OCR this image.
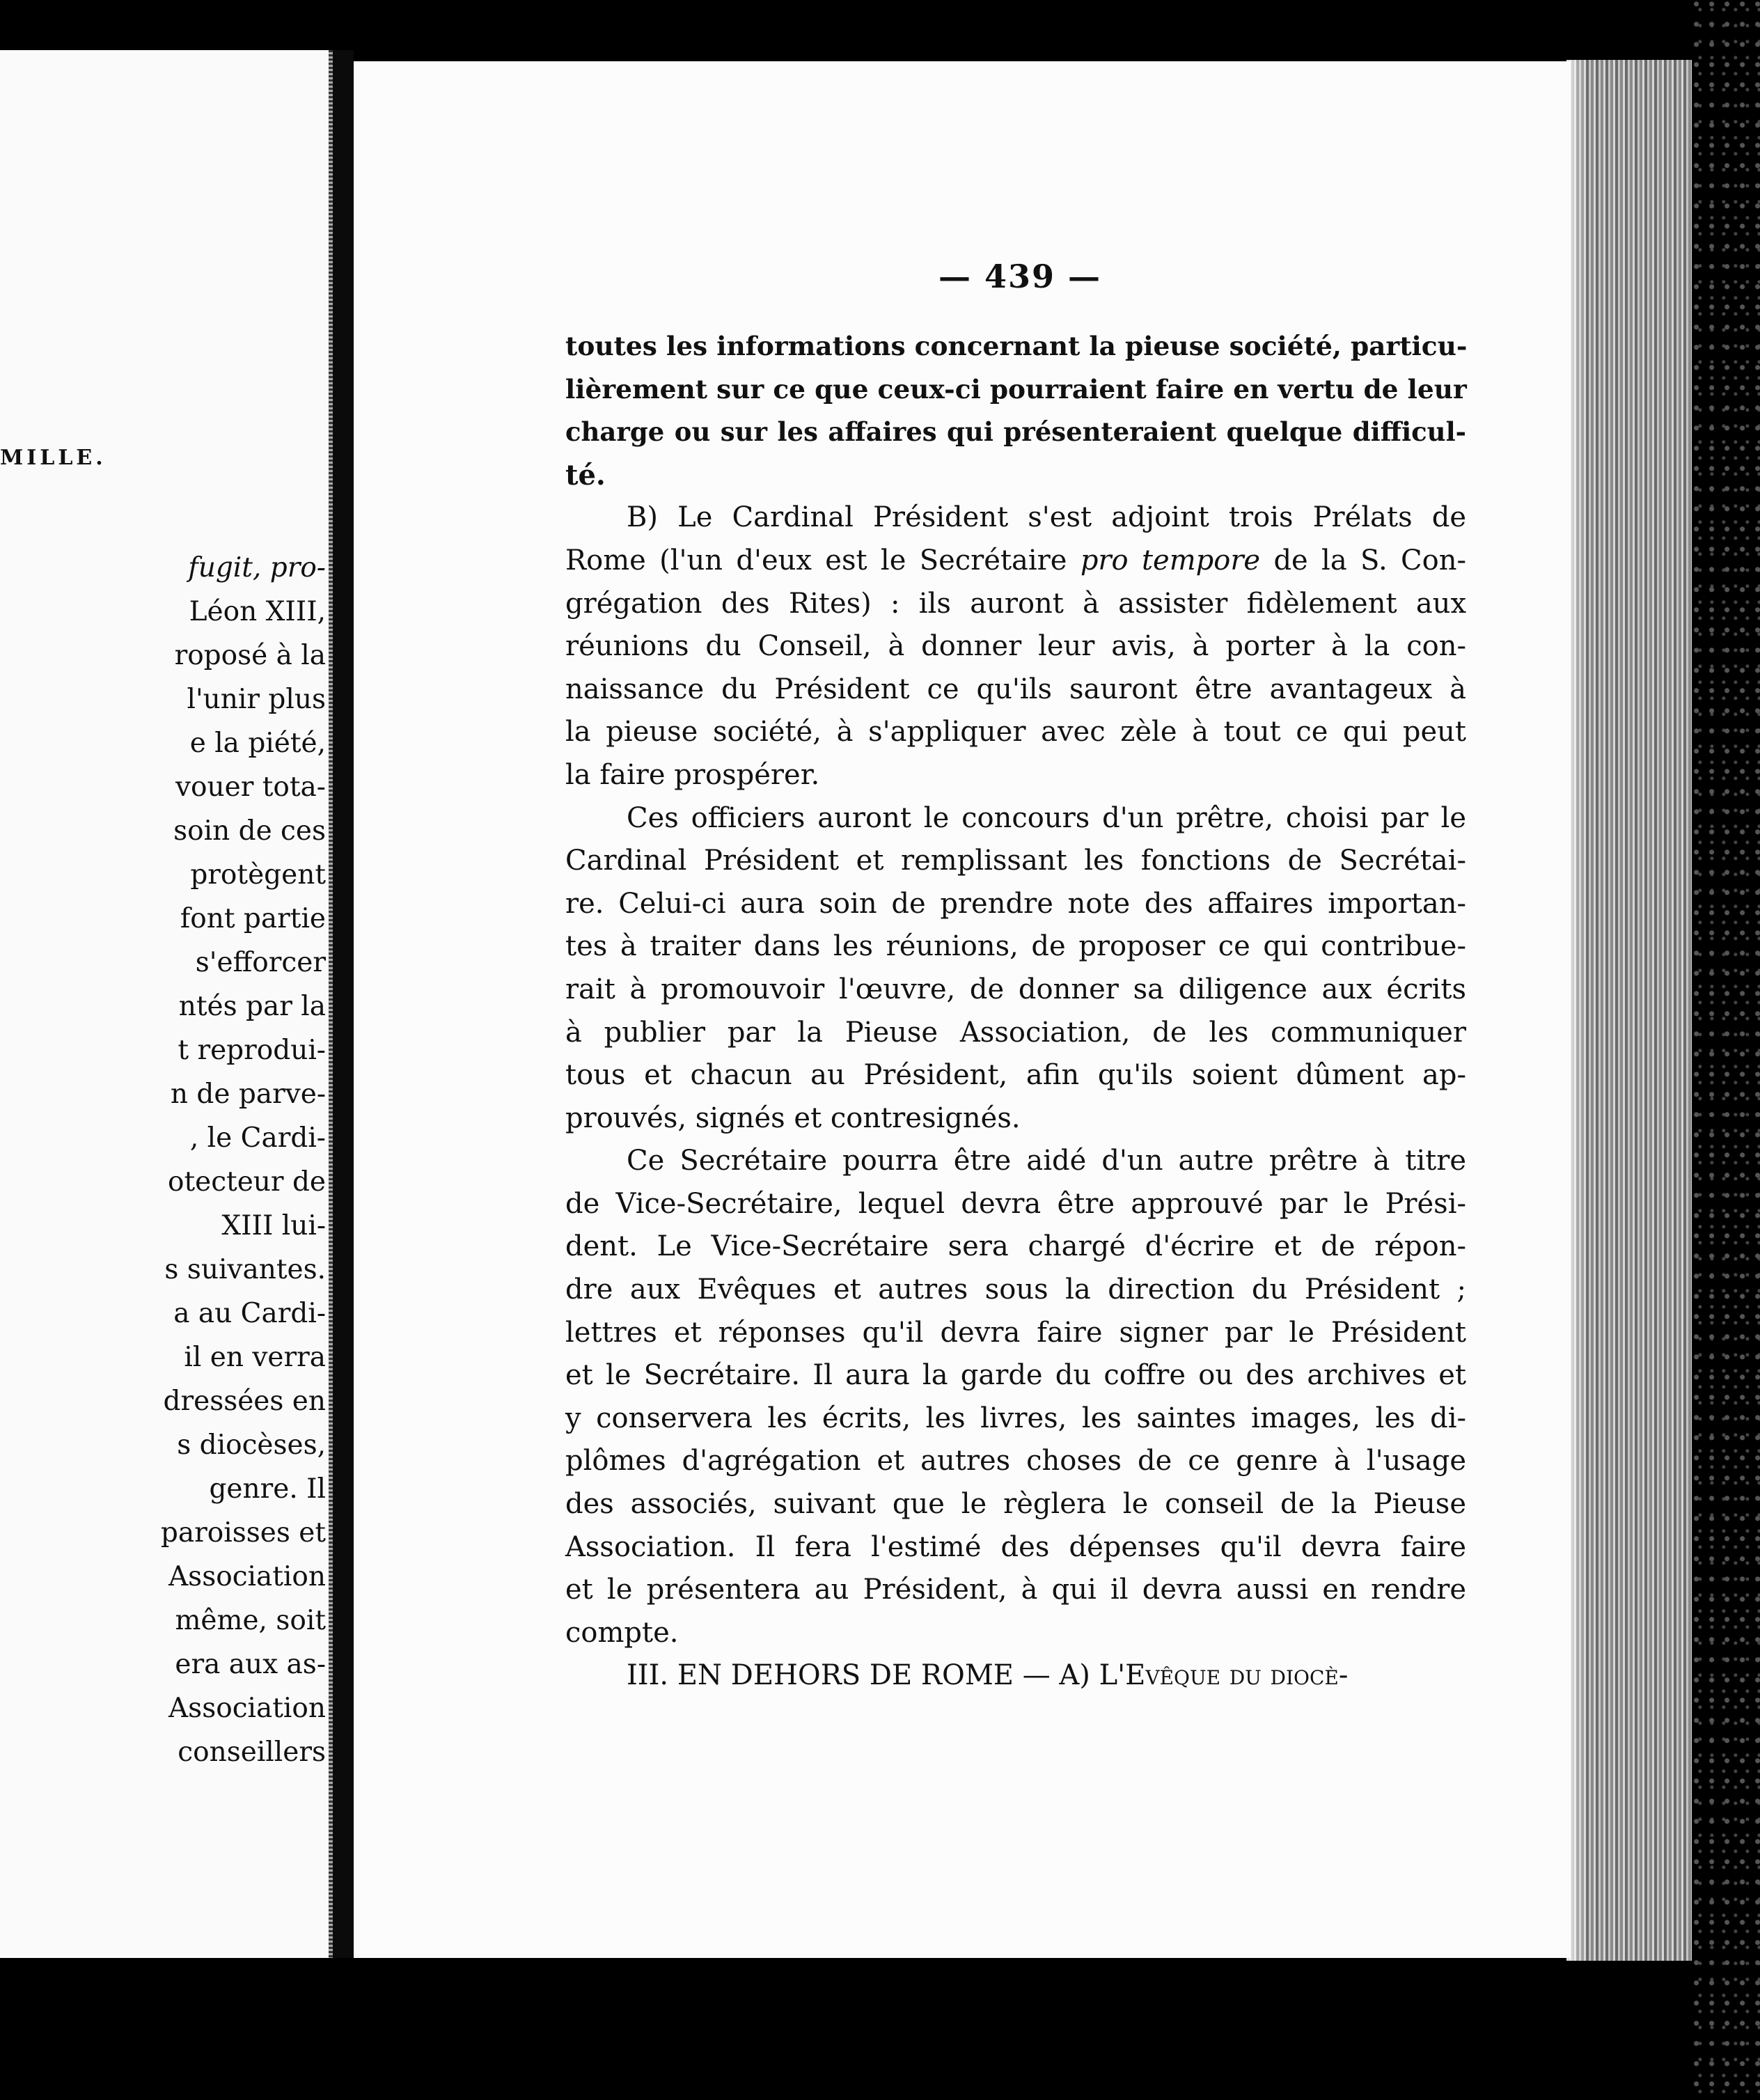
MILLE.
fugit, pro-
Léon XIII,
roposé à la
l'unir plus
e la piété,
vouer tota-
soin de ces
protègent
font partie
s'efforcer
ntés par la
t reprodui-
n de parve-
, le Cardi-
otecteur de
XIII lui-
s suivantes.
a au Cardi-
il en verra
dressées en
s diocèses,
genre. Il
paroisses et
Association
même, soit
era aux as-
Association
conseillers
— 439 —
toutes les informations concernant la pieuse société, particu-
lièrement sur ce que ceux-ci pourraient faire en vertu de leur
charge ou sur les affaires qui présenteraient quelque difficul-
té.
B) Le Cardinal Président s'est adjoint trois Prélats de
Rome (l'un d'eux est le Secrétaire pro tempore de la S. Con-
grégation des Rites) : ils auront à assister fidèlement aux
réunions du Conseil, à donner leur avis, à porter à la con-
naissance du Président ce qu'ils sauront être avantageux à
la pieuse société, à s'appliquer avec zèle à tout ce qui peut
la faire prospérer.
Ces officiers auront le concours d'un prêtre, choisi par le
Cardinal Président et remplissant les fonctions de Secrétai-
re. Celui-ci aura soin de prendre note des affaires importan-
tes à traiter dans les réunions, de proposer ce qui contribue-
rait à promouvoir l'œuvre, de donner sa diligence aux écrits
à publier par la Pieuse Association, de les communiquer
tous et chacun au Président, afin qu'ils soient dûment ap-
prouvés, signés et contresignés.
Ce Secrétaire pourra être aidé d'un autre prêtre à titre
de Vice-Secrétaire, lequel devra être approuvé par le Prési-
dent. Le Vice-Secrétaire sera chargé d'écrire et de répon-
dre aux Evêques et autres sous la direction du Président ;
lettres et réponses qu'il devra faire signer par le Président
et le Secrétaire. Il aura la garde du coffre ou des archives et
y conservera les écrits, les livres, les saintes images, les di-
plômes d'agrégation et autres choses de ce genre à l'usage
des associés, suivant que le règlera le conseil de la Pieuse
Association. Il fera l'estimé des dépenses qu'il devra faire
et le présentera au Président, à qui il devra aussi en rendre
compte.
III. EN DEHORS DE ROME — A) L'Evêque du diocè-
